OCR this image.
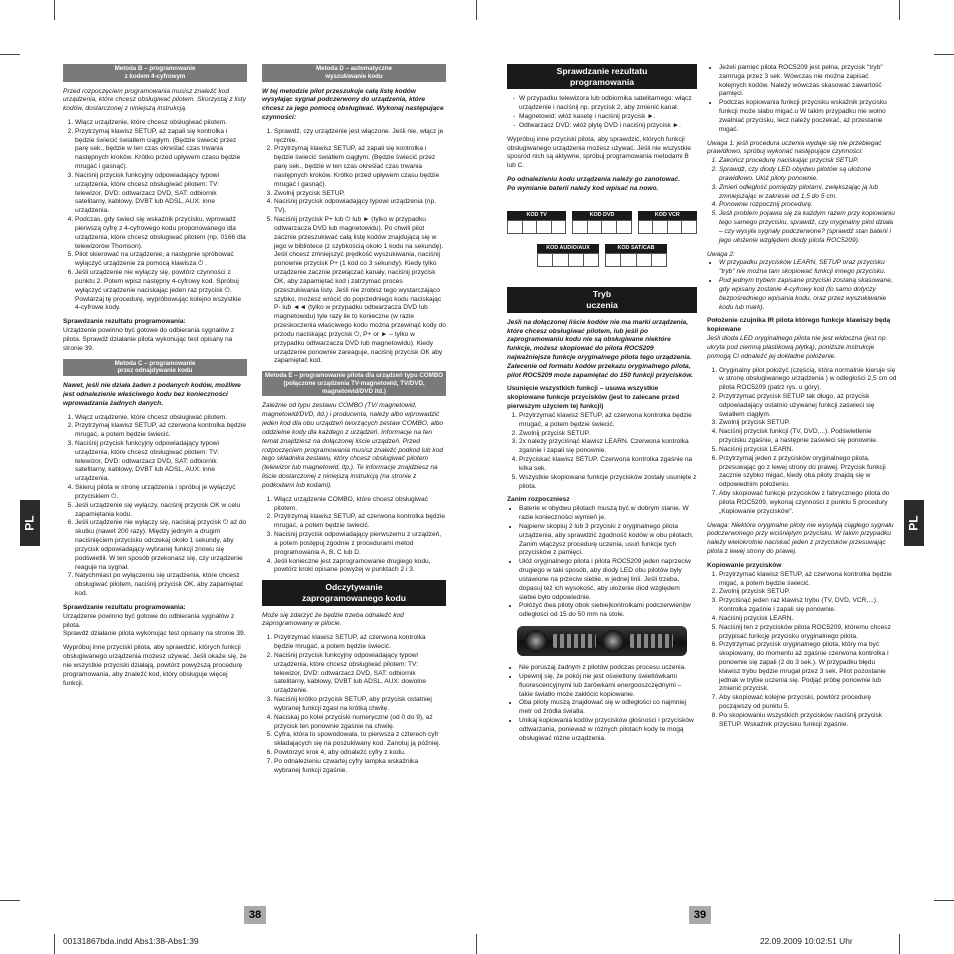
PL	PL
Metoda B – programowanie
z kodem 4-cyfrowym
Przed rozpoczęciem programowania musisz znaleźć kod urządzenia, które chcesz obsługiwać pilotem. Skorzystaj z listy kodów, dostarczonej z niniejszą instrukcją.
1. Włącz urządzenie, które chcesz obsługiwać pilotem.
2. Przytrzymaj klawisz SETUP, aż zapali się kontrolka i będzie świecić światłem ciągłym. (Będzie świecić przez parę sek., będzie w ten czas określać czas trwania następnych kroków. Krótko przed upływem czasu będzie mrugać i gasnąć).
3. Naciśnij przycisk funkcyjny odpowiadający typowi urządzenia, które chcesz obsługiwać pilotem: TV: telewizor, DVD: odtwarzacz DVD, SAT: odbiornik satelitarny, kablowy, DVBT lub ADSL, AUX: inne urządzenia.
4. Podczas, gdy świeci się wskaźnik przycisku, wprowadź pierwszą cyfrę z 4-cyfrowego kodu proponowanego dla urządzenia, które chcesz obsługiwać pilotem (np. 0166 dla telewizorów Thomson).
5. Pilot skierować na urządzenie, a następnie spróbować wyłączyć urządzenie za pomocą klawisza ⏻ .
6. Jeśli urządzenie nie wyłączy się, powtórz czynności z punktu 2. Potem wpisz następny 4-cyfrowy kod. Spróbuj wyłączyć urządzenie naciskając jeden raz przycisk ⏻. Powtarzaj tę procedurę, wypróbowując kolejno wszystkie 4-cyfrowe kody.
Sprawdzanie rezultatu programowania:
Urządzenie powinno być gotowe do odbierania sygnałów z pilota. Sprawdź działanie pilota wykonując test opisany na stronie 39.
Metoda C – programowanie
przez odnajdywanie kodu
Nawet, jeśli nie działa żaden z podanych kodów, możliwe jest odnalezienie właściwego kodu bez konieczności wprowadzania żadnych danych.
1. Włącz urządzenie, które chcesz obsługiwać pilotem.
2. Przytrzymaj klawisz SETUP, aż czerwona kontrolka będzie mrugać, a potem będzie świecić.
3. Naciśnij przycisk funkcyjny odpowiadający typowi urządzenia, które chcesz obsługiwać pilotem: TV: telewizor, DVD: odtwarzacz DVD, SAT: odbiornik satelitarny, kablowy, DVBT lub ADSL, AUX: inne urządzenia.
4. Skieruj pilota w stronę urządzenia i spróbuj je wyłączyć przyciskiem ⏻.
5. Jeśli urządzenie się wyłączy, naciśnij przycisk OK w celu zapamiętania kodu.
6. Jeśli urządzenie nie wyłączy się, naciskaj przycisk ⏻ aż do skutku (nawet 200 razy). Między jednym a drugim naciśnięciem przycisku odczekaj około 1 sekundy, aby przycisk odpowiadający wybranej funkcji znowu się podświetlił. W ten sposób przekonasz się, czy urządzenie reaguje na sygnał.
7. Natychmiast po wyłączeniu się urządzenia, które chcesz obsługiwać pilotem, naciśnij przycisk OK, aby zapamiętać kod.
Sprawdzanie rezultatu programowania:
Urządzenie powinno być gotowe do odbierania sygnałów z pilota.
Sprawdź działanie pilota wykonując test opisany na stronie 39.
Wypróbuj inne przyciski pilota, aby sprawdzić, których funkcji obsługiwanego urządzenia możesz używać. Jeśli okaże się, że nie wszystkie przyciski działają, powtórz powyższą procedurę programowania, aby znaleźć kod, który obsługuje więcej funkcji.
Metoda D – automatyczne
wyszukiwanie kodu
W tej metodzie pilot przeszukuje całą listę kodów wysyłając sygnał podczerwony do urządzenia, które chcesz za jego pomocą obsługiwać. Wykonaj następujące czynności:
1. Sprawdź, czy urządzenie jest włączone. Jeśli nie, włącz je ręcznie.
2. Przytrzymaj klawisz SETUP, aż zapali się kontrolka i będzie świecić światłem ciągłym. (Będzie świecić przez parę sek., będzie w ten czas określać czas trwania następnych kroków. Krótko przed upływem czasu będzie mrugać i gasnąć).
3. Zwolnij przycisk SETUP.
4. Naciśnij przycisk odpowiadający typowi urządzenia (np. TV).
5. Naciśnij przycisk P+ lub ⏻ lub ► (tylko w przypadku odtwarzacza DVD lub magnetowidu). Po chwili pilot zacznie przeszukiwać całą listę kodów znajdującą się w jego w bibliotece (z szybkością około 1 kodu na sekundę). Jeśli chcesz zmniejszyć prędkość wyszukiwania, naciśnij ponownie przycisk P+ (1 kod co 3 sekundy). Kiedy tylko urządzenie zacznie przełączać kanały, naciśnij przycisk OK, aby zapamiętać kod i zatrzymać proces przeszukiwania listy. Jeśli nie zrobisz tego wystarczająco szybko, możesz wrócić do poprzedniego kodu naciskając P- lub ◄◄ (tylko w przypadku odtwarzacza DVD lub magnetowidu) tyle razy ile to konieczne (w razie przeskoczenia właściwego kodu można przewinąć kody do przodu naciskając przycisk ⏻, P+ or ► – tylko w przypadku odtwarzacza DVD lub magnetowidu). Kiedy urządzenie ponownie zareaguje, naciśnij przycisk OK aby zapamiętać kod.
Metoda E – programowanie pilota dla urządzeń typu COMBO (połączone urządzenia TV-magnetowid, TV/DVD, magnetowid/DVD itd.)
Zależnie od typu zestawu COMBO (TV/ magnetowid, magnetowid/DVD, itd.) i producenta, należy albo wprowadzić jeden kod dla obu urządzeń tworzących zestaw COMBO, albo oddzielne kody dla każdego z urządzeń. Informacje na ten temat znajdziesz na dołączonej liście urządzeń. Przed rozpoczęciem programowania musisz znaleźć podkod lub kod tego składnika zestawu, który chcesz obsługiwać pilotem (telewizor lub magnetowid, itp.). Te informacje znajdziesz na liście dostarczonej z niniejszą instrukcją (na stronie z podkodami lub kodami).
1. Włącz urządzenie COMBO, które chcesz obsługiwać pilotem.
2. Przytrzymaj klawisz SETUP, aż czerwona kontrolka będzie mrugać, a potem będzie świecić.
3. Naciśnij przycisk odpowiadający pierwszemu z urządzeń, a potem postępuj zgodnie z procedurami metod programowania A, B, C lub D.
4. Jeśli konieczne jest zaprogramowanie drugiego kodu, powtórz kroki opisane powyżej w punktach 2 i 3.
Odczytywanie
zaprogramowanego kodu
Może się zdarzyć że będzie trzeba odnaleźć kod zaprogramowany w pilocie.
1. Przytrzymać klawisz SETUP, aż czerwona kontrolka będzie mrugać, a potem będzie świecić.
2. Naciśnij przycisk funkcyjny odpowiadający typowi urządzenia, które chcesz obsługiwać pilotem: TV: telewizor, DVD: odtwarzacz DVD, SAT: odbiornik satelitarny, kablowy, DVBT lub ADSL, AUX: dowolne urządzenie.
3. Naciśnij krótko przycisk SETUP, aby przycisk ostatniej wybranej funkcji zgasł na krótką chwilę.
4. Naciskaj po kolei przyciski numeryczne (od 0 do 9), aż przycisk ten ponownie zgaśnie na chwilę.
5. Cyfra, która to spowodowała, to pierwsza z czterech cyfr składających się na poszukiwany kod. Zanotuj ją później.
6. Powtórzyć krok 4, aby odnaleźć cyfry z kodu.
7. Po odnalezieniu czwartej cyfry lampka wskaźnika wybranej funkcji zgaśnie.
Sprawdzanie rezultatu
programowania
- W przypadku telewizora lub odbiornika satelitarnego: włącz urządzenie i naciśnij np. przycisk 2, aby zmienić kanał.
- Magnetowid: włóż kasetę i naciśnij przycisk ►.
- Odtwarzacz DVD: włóż płytę DVD i naciśnij przycisk ►.
Wypróbuj inne przyciski pilota, aby sprawdzić, których funkcji obsługiwanego urządzenia możesz używać. Jeśli nie wszystkie sposród nich są aktywne, spróbuj programowania metodami B lub C.
Po odnalezieniu kodu urządzenia należy go zanotować.
Po wymianie baterii należy kod wpisać na nowo.
KOD TV	KOD DVD	KOD VCR
KOD AUDIO/AUX	KOD SAT/CAB
Tryb
uczenia
Jeśli na dołączonej liście kodów nie ma marki urządzenia, które chcesz obsługiwać pilotem, lub jeśli po zaprogramowaniu kodu nie są obsługiwane niektóre funkcje, możesz skopiować do pilota ROC5209 najważniejsze funkcje oryginalnego pilota tego urządzenia. Zalecenie od formatu kodów przekazu oryginalnego pilota, pilot ROC5209 może zapamiętać do 150 funkcji przycisków.
Usunięcie wszystkich funkcji – usuwa wszystkie skopiowane funkcje przycisków (jest to zalecane przed pierwszym użyciem tej funkcji)
1. Przytrzymać klawisz SETUP, aż czerwona kontrolka będzie mrugać, a potem będzie świecić.
2. Zwolnij przycisk SETUP.
3. 2x należy przyciśnąć klawisz LEARN. Czerwona kontrolka zgaśnie i zapali się ponownie.
4. Przyciskać klawisz SETUP. Czerwona kontrolka zgaśnie na kilka sek.
5. Wszystkie skopiowane funkcje przycisków zostały usunięte z pilota.
Zanim rozpoczniesz
• Baterie w obydwu pilotach muszą być w dobrym stanie. W razie konieczności wymień je.
• Najpierw skopiuj 2 lub 3 przyciski z oryginalnego pilota urządzenia, aby sprawdzić zgodność kodów w obu pilotach. Zanim włączysz procedurę uczenia, usuń funkcje tych przycisków z pamięci.
• Ułóż oryginalnego pilota i pilota ROC5209 jeden naprzeciw drugiego w taki sposób, aby diody LED obu pilotów były ustawione na przeciw siebie, w jednej linii. Jeśli trzeba, dopasuj też ich wysokość, aby ułożenie diod względem siebie było odpowiednie.
• Połóżyć dwa piloty obok siebie|kontrolkami podczerwieni|w odległości od 15 do 50 mm na stole.
• Nie poruszaj żadnym z pilotów podczas procesu uczenia.
• Upewnij się, że pokój nie jest oświetlony świetlówkami fluorescencyjnymi lub żarówkami energooszczędnymi – takie światło może zakłócić kopiowanie.
• Oba piloty muszą znajdować się w odległości co najmniej metr od źródła światła.
• Unikaj kopiowania kodów przycisków głośności i przycisków odtwarzania, ponieważ w różnych pilotach kody te mogą obsługiwać różne urządzenia.
• Jeżeli pamięć pilota ROC5209 jest pełna, przycisk "tryb" zamruga przez 3 sek. Wówczas nie można zapisać kolejnych kodów. Należy wówczas skasować zawartość pamięci.
• Podczas kopiowania funkcji przycisku wskaźnik przycisku funkcji może słabo migać.u W takim przypadku nie wolno zwalniać przycisku, lecz należy poczekać, aż przestanie migać.
Uwaga 1: jeśli procedura uczenia wydaje się nie przebiegać prawidłowo, spróbuj wykonać następujące czynności:
1. Zakończ procedurę naciskając przycisk SETUP.
2. Sprawdź, czy diody LED obydwu pilotów są ułożone prawidłowo. Ułóż piloty ponownie.
3. Zmień odległość pomiędzy pilotami, zwiększając ją lub zmniejszając w zakresie od 1,5 do 5 cm.
4. Ponownie rozpocznij procedurę.
5. Jeśli problem pojawia się za każdym razem przy kopiowaniu tego samego przycisku, sprawdź, czy oryginalny pilot działa – czy wysyła sygnały podczerwone? (sprawdź stan baterii i jego ułożenie względem diody pilota ROC5209).
Uwaga 2:
• W przypadku przycisków LEARN, SETUP oraz przycisku "tryb" nie można tam skopiować funkcji innego przycisku.
• Pod jednym trybem zapisane przyciski zostaną skasowane, gdy wpisany zostanie 4-cyfrowy kod (to samo dotyczy bezpośredniego wpisania kodu, oraz przez wyszukiwanie kodu lub mark).
Położenie czujnika IR pilota którego funkcje klawiszy będą kopiowane
Jeśli dioda LED oryginalnego pilota nie jest widoczna (jest np. ukryta pod ciemną plastikową płytką), poniższe instrukcje pomogą Ci odnaleźć jej dokładne położenie.
1. Oryginalny pilot położyć (częścią, która normalnie kieruje się w stronę obsługiwanego urządzenia ) w odległości 2,5 cm od pilota ROC5209 (patrz rys. u góry).
2. Przytrzymać przycisk SETUP tak długo, aż przycisk odpowiadający ostatnio używanej funkcji zaświeci się światłem ciągłym.
3. Zwolnij przycisk SETUP.
4. Naciśnij przycisk funkcji (TV, DVD,...). Podświetlenie przycisku zgaśnie, a następnie zaświeci się ponownie.
5. Naciśnij przycisk LEARN.
6. Przytrzymaj jeden z przycisków oryginalnego pilota, przesuwając go z lewej strony do prawej. Przycisk funkcji zacznie szybko migać, kiedy oba piloty znajdą się w odpowiednim położeniu.
7. Aby skopiować funkcje przycisków z fabrycznego pilota do pilota ROC5209, wykonaj czynności z punktu 5 procedury „Kopiowanie przycisków".
Uwaga: Niektóre oryginalne piloty nie wysyłają ciągłego sygnału podczerwonego przy wciśniętym przycisku. W takim przypadku należy wielokrotnie naciskać jeden z przycisków przesuwając pilota z lewej strony do prawej.
Kopiowanie przycisków
1. Przytrzymać klawisz SETUP, aż czerwona kontrolka będzie migać, a potem będzie świecić.
2. Zwolnij przycisk SETUP.
3. Przyciśnąć jeden raz klawisz trybu (TV, DVD, VCR,...). Kontrolka zgaśnie i zapali się ponownie.
4. Naciśnij przycisk LEARN.
5. Naciśnij ten z przycisków pilota ROC5209, któremu chcesz przypisać funkcję przycisku oryginalnego pilota.
6. Przytrzymać przycisk oryginalnego pilota, który ma być skopiowany, do momentu aż zgaśnie czerwona kontrolka i ponownie się zapali (2 do 3 sek.). W przypadku błędu klawisz trybu będzie mrugał przez 3 sek. Pilot pozostanie jednak w trybie uczenia się. Podjąć próbę ponownie lub zmienić przycisk.
7. Aby skopiować kolejne przyciski, powtórz procedurę począwszy od punktu 5.
8. Po skopiowaniu wszystkich przycisków naciśnij przycisk SETUP. Wskaźnik przycisku funkcji zgaśnie.
38	39
00131867bda.indd Abs1:38-Abs1:39	22.09.2009 10:02:51 Uhr
